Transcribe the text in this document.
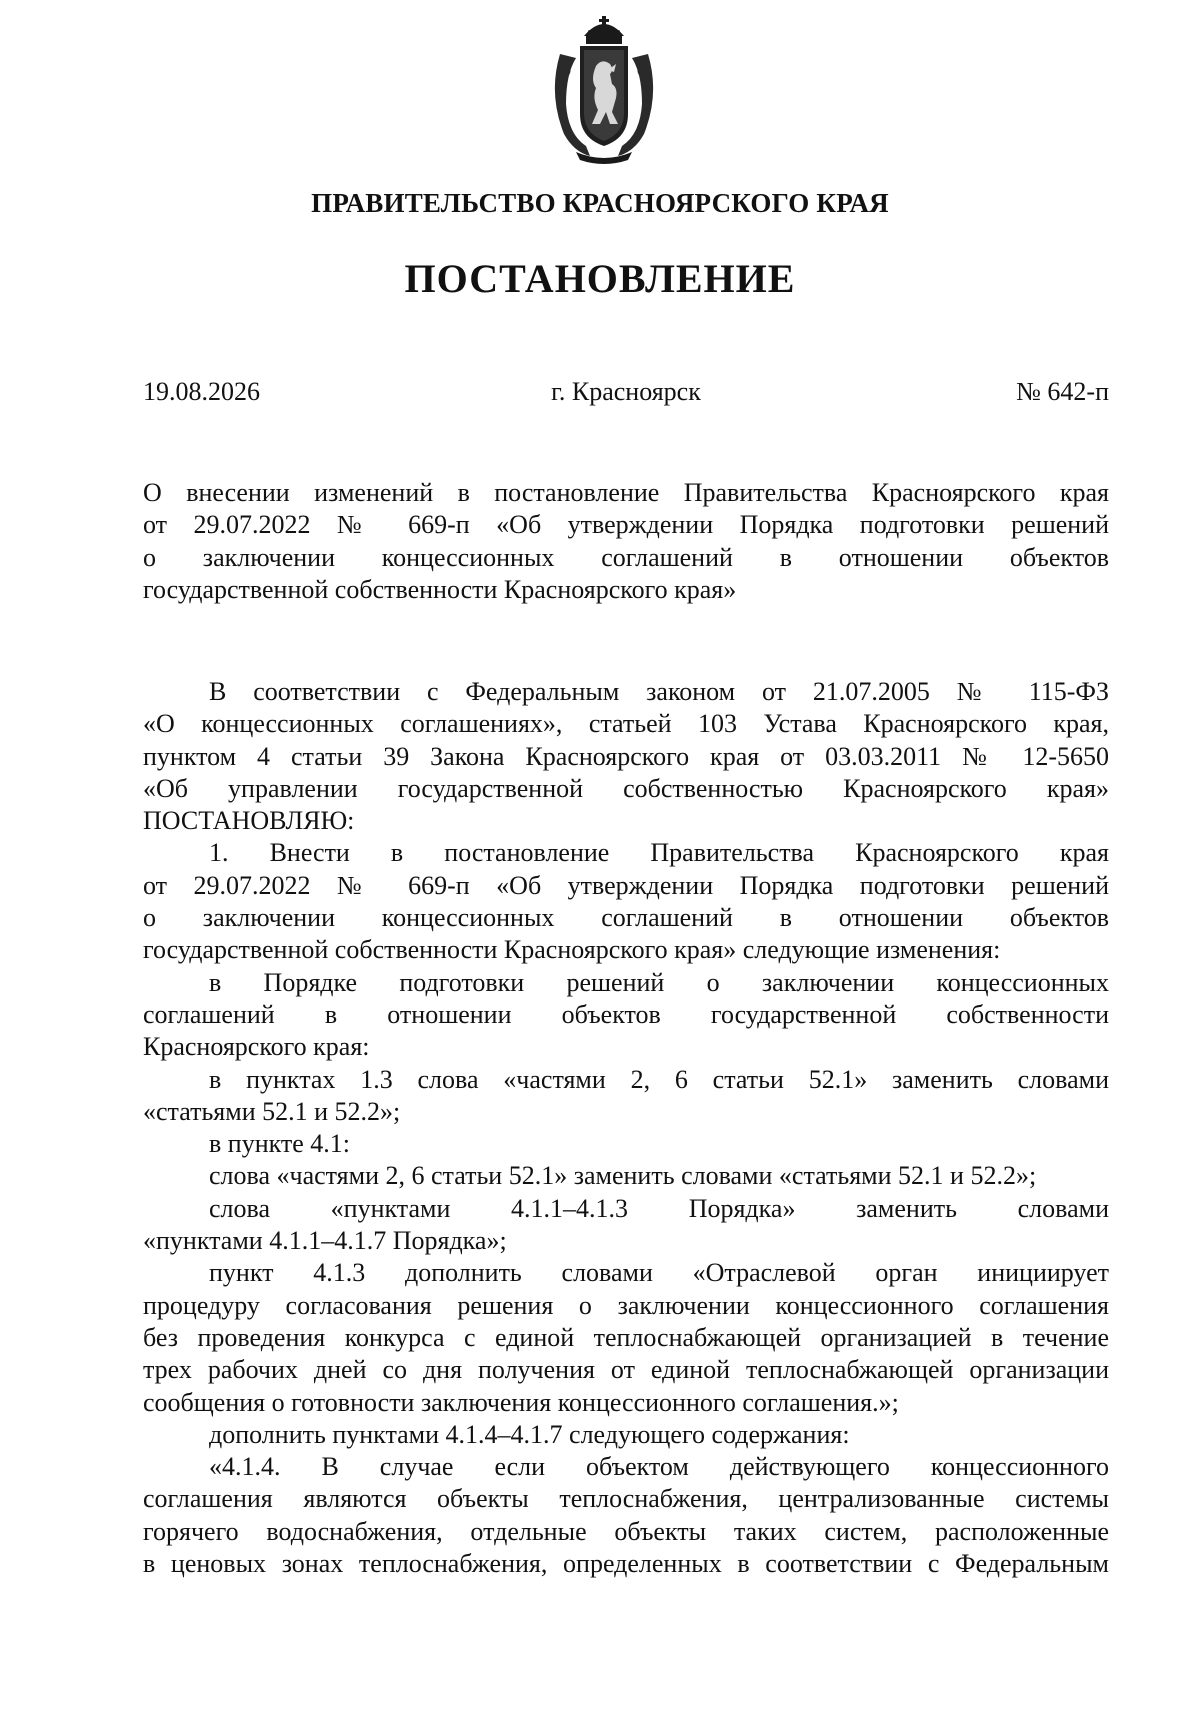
ПРАВИТЕЛЬСТВО КРАСНОЯРСКОГО КРАЯ
ПОСТАНОВЛЕНИЕ
19.08.2026	г. Красноярск	№ 642-п
О внесении изменений в постановление Правительства Красноярского края
от 29.07.2022 № 669-п «Об утверждении Порядка подготовки решений
о заключении концессионных соглашений в отношении объектов
государственной собственности Красноярского края»
В соответствии с Федеральным законом от 21.07.2005 № 115-ФЗ
«О концессионных соглашениях», статьей 103 Устава Красноярского края,
пунктом 4 статьи 39 Закона Красноярского края от 03.03.2011 № 12-5650
«Об управлении государственной собственностью Красноярского края»
ПОСТАНОВЛЯЮ:
1. Внести в постановление Правительства Красноярского края
от 29.07.2022 № 669-п «Об утверждении Порядка подготовки решений
о заключении концессионных соглашений в отношении объектов
государственной собственности Красноярского края» следующие изменения:
в Порядке подготовки решений о заключении концессионных
соглашений в отношении объектов государственной собственности
Красноярского края:
в пунктах 1.3 слова «частями 2, 6 статьи 52.1» заменить словами
«статьями 52.1 и 52.2»;
в пункте 4.1:
слова «частями 2, 6 статьи 52.1» заменить словами «статьями 52.1 и 52.2»;
слова «пунктами 4.1.1–4.1.3 Порядка» заменить словами
«пунктами 4.1.1–4.1.7 Порядка»;
пункт 4.1.3 дополнить словами «Отраслевой орган инициирует
процедуру согласования решения о заключении концессионного соглашения
без проведения конкурса с единой теплоснабжающей организацией в течение
трех рабочих дней со дня получения от единой теплоснабжающей организации
сообщения о готовности заключения концессионного соглашения.»;
дополнить пунктами 4.1.4–4.1.7 следующего содержания:
«4.1.4. В случае если объектом действующего концессионного
соглашения являются объекты теплоснабжения, централизованные системы
горячего водоснабжения, отдельные объекты таких систем, расположенные
в ценовых зонах теплоснабжения, определенных в соответствии с Федеральным
